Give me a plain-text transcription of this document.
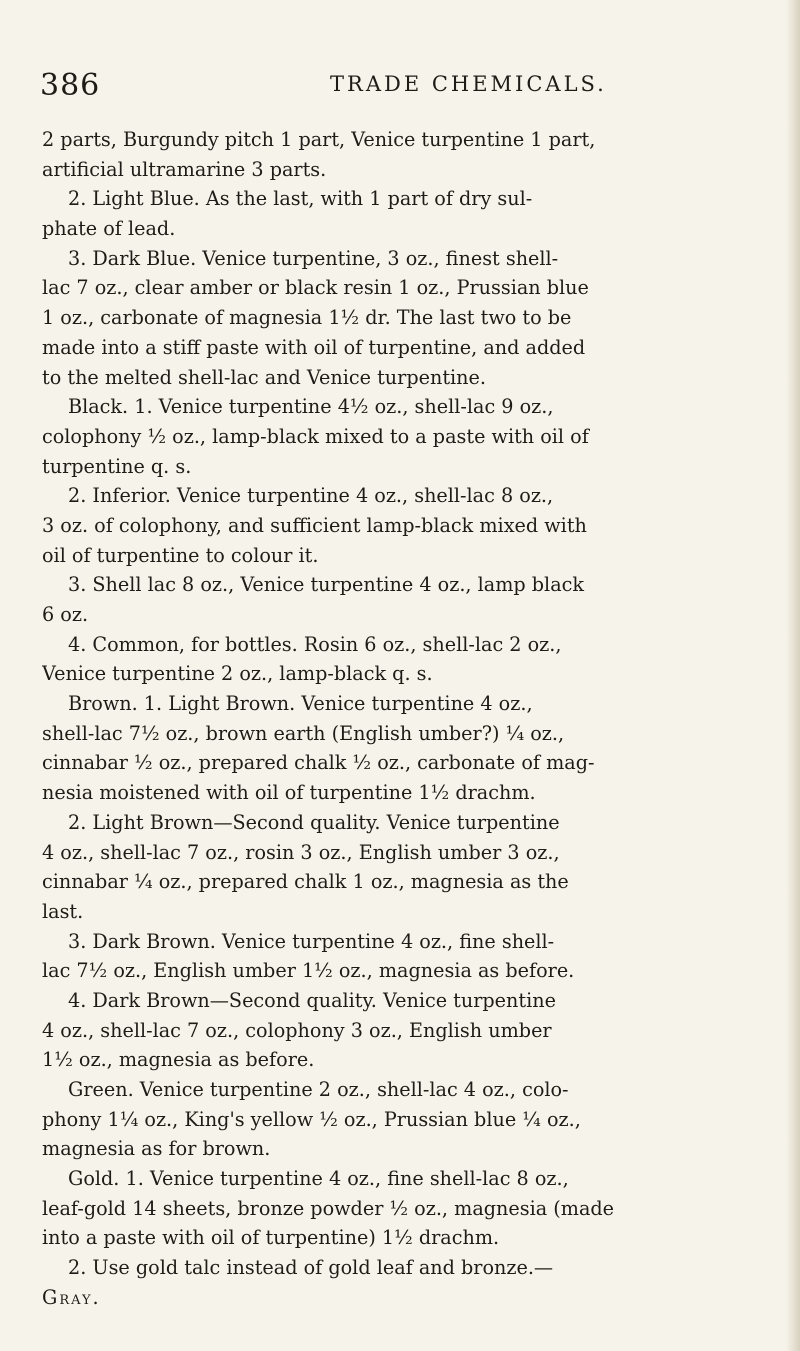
386	TRADE CHEMICALS.
2 parts, Burgundy pitch 1 part, Venice turpentine 1 part,
artificial ultramarine 3 parts.
2. Light Blue. As the last, with 1 part of dry sul-
phate of lead.
3. Dark Blue. Venice turpentine, 3 oz., finest shell-
lac 7 oz., clear amber or black resin 1 oz., Prussian blue
1 oz., carbonate of magnesia 1½ dr. The last two to be
made into a stiff paste with oil of turpentine, and added
to the melted shell-lac and Venice turpentine.
Black. 1. Venice turpentine 4½ oz., shell-lac 9 oz.,
colophony ½ oz., lamp-black mixed to a paste with oil of
turpentine q. s.
2. Inferior. Venice turpentine 4 oz., shell-lac 8 oz.,
3 oz. of colophony, and sufficient lamp-black mixed with
oil of turpentine to colour it.
3. Shell lac 8 oz., Venice turpentine 4 oz., lamp black
6 oz.
4. Common, for bottles. Rosin 6 oz., shell-lac 2 oz.,
Venice turpentine 2 oz., lamp-black q. s.
Brown. 1. Light Brown. Venice turpentine 4 oz.,
shell-lac 7½ oz., brown earth (English umber?) ¼ oz.,
cinnabar ½ oz., prepared chalk ½ oz., carbonate of mag-
nesia moistened with oil of turpentine 1½ drachm.
2. Light Brown—Second quality. Venice turpentine
4 oz., shell-lac 7 oz., rosin 3 oz., English umber 3 oz.,
cinnabar ¼ oz., prepared chalk 1 oz., magnesia as the
last.
3. Dark Brown. Venice turpentine 4 oz., fine shell-
lac 7½ oz., English umber 1½ oz., magnesia as before.
4. Dark Brown—Second quality. Venice turpentine
4 oz., shell-lac 7 oz., colophony 3 oz., English umber
1½ oz., magnesia as before.
Green. Venice turpentine 2 oz., shell-lac 4 oz., colo-
phony 1¼ oz., King's yellow ½ oz., Prussian blue ¼ oz.,
magnesia as for brown.
Gold. 1. Venice turpentine 4 oz., fine shell-lac 8 oz.,
leaf-gold 14 sheets, bronze powder ½ oz., magnesia (made
into a paste with oil of turpentine) 1½ drachm.
2. Use gold talc instead of gold leaf and bronze.—
Gray.
